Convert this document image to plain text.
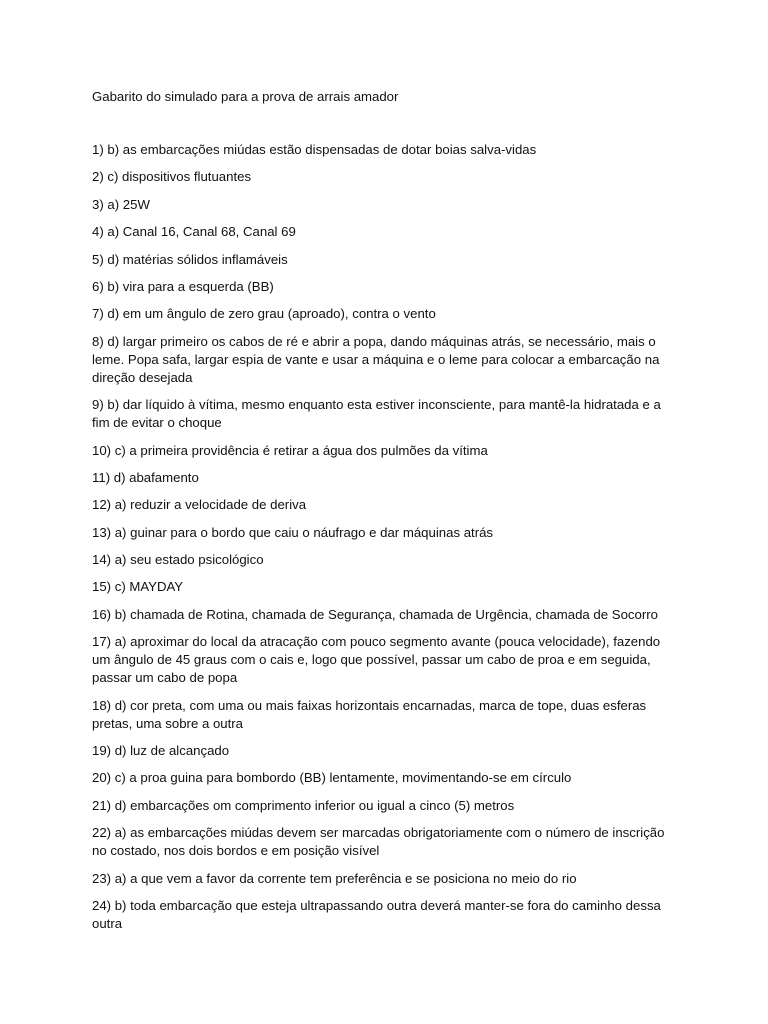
Gabarito do simulado para a prova de arrais amador

1) b) as embarcações miúdas estão dispensadas de dotar boias salva-vidas
2) c) dispositivos flutuantes
3) a) 25W
4) a) Canal 16, Canal 68, Canal 69
5) d) matérias sólidos inflamáveis
6) b) vira para a esquerda (BB)
7) d) em um ângulo de zero grau (aproado), contra o vento
8) d) largar primeiro os cabos de ré e abrir a popa, dando máquinas atrás, se necessário, mais o leme. Popa safa, largar espia de vante e usar a máquina e o leme para colocar a embarcação na direção desejada
9) b) dar líquido à vítima, mesmo enquanto esta estiver inconsciente, para mantê-la hidratada e a fim de evitar o choque
10) c) a primeira providência é retirar a água dos pulmões da vítima
11) d) abafamento
12) a) reduzir a velocidade de deriva
13) a) guinar para o bordo que caiu o náufrago e dar máquinas atrás
14) a) seu estado psicológico
15) c) MAYDAY
16) b) chamada de Rotina, chamada de Segurança, chamada de Urgência, chamada de Socorro
17) a) aproximar do local da atracação com pouco segmento avante (pouca velocidade), fazendo um ângulo de 45 graus com o cais e, logo que possível, passar um cabo de proa e em seguida, passar um cabo de popa
18) d) cor preta, com uma ou mais faixas horizontais encarnadas, marca de tope, duas esferas pretas, uma sobre a outra
19) d) luz de alcançado
20) c) a proa guina para bombordo (BB) lentamente, movimentando-se em círculo
21) d) embarcações om comprimento inferior ou igual a cinco (5) metros
22) a) as embarcações miúdas devem ser marcadas obrigatoriamente com o número de inscrição no costado, nos dois bordos e em posição visível
23) a) a que vem a favor da corrente tem preferência e se posiciona no meio do rio
24) b) toda embarcação que esteja ultrapassando outra deverá manter-se fora do caminho dessa outra
